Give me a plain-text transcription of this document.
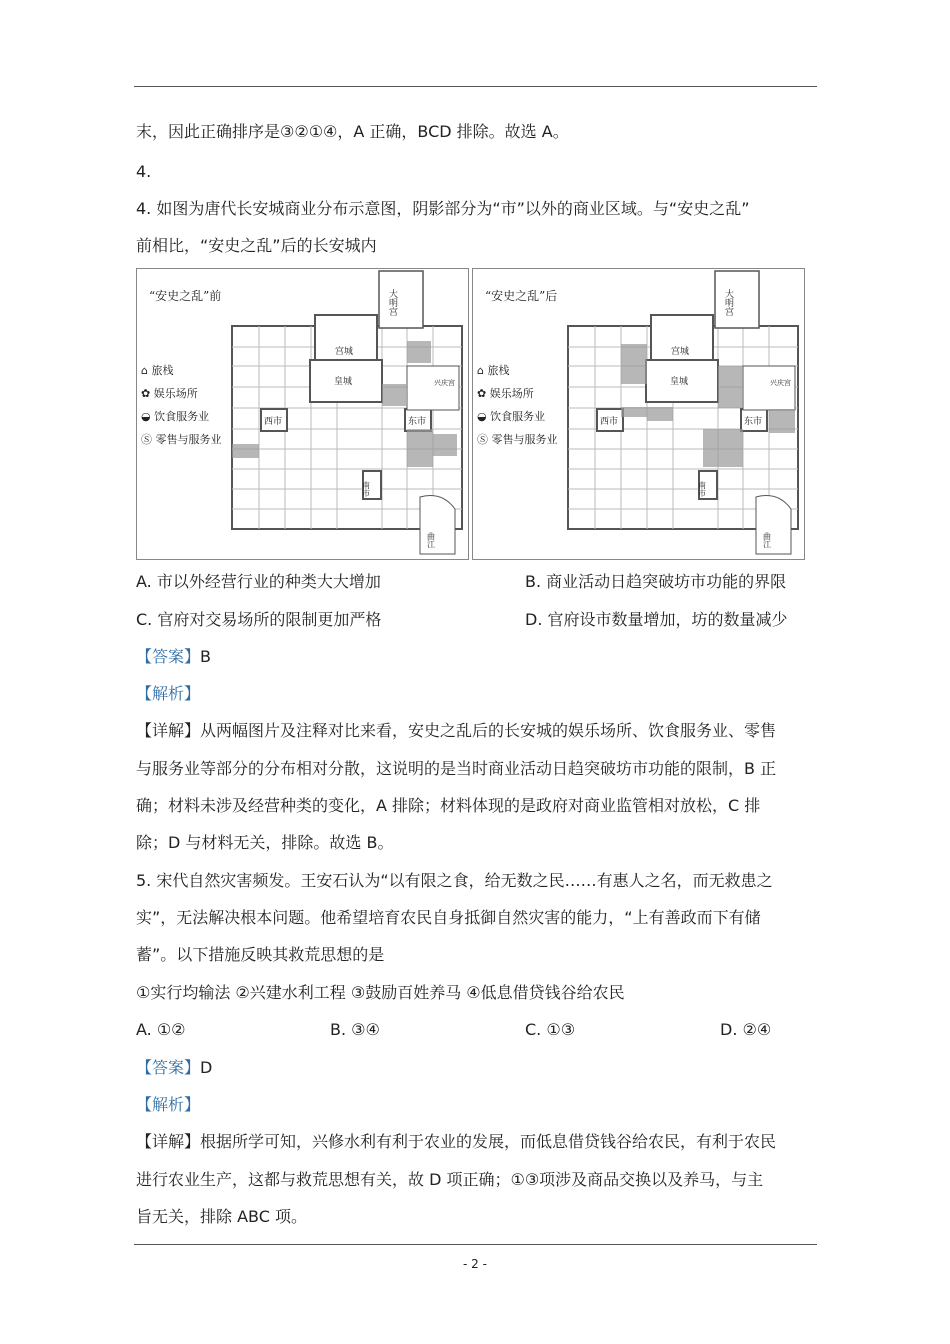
末，因此正确排序是③②①④，A 正确，BCD 排除。故选 A。
4.
4. 如图为唐代长安城商业分布示意图，阴影部分为“市”以外的商业区域。与“安史之乱”
前相比，“安史之乱”后的长安城内
“安史之乱”前
⌂ 旅栈
✿ 娱乐场所
◒ 饮食服务业
Ⓢ 零售与服务业
大明宫
宫城
皇城	兴庆宫
西市	东市
南市
曲江
“安史之乱”后
⌂ 旅栈
✿ 娱乐场所
◒ 饮食服务业
Ⓢ 零售与服务业
大明宫
宫城
皇城	兴庆宫
西市	东市
南市
曲江
A. 市以外经营行业的种类大大增加	B. 商业活动日趋突破坊市功能的界限
C. 官府对交易场所的限制更加严格	D. 官府设市数量增加，坊的数量减少
【答案】B
【解析】
【详解】从两幅图片及注释对比来看，安史之乱后的长安城的娱乐场所、饮食服务业、零售
与服务业等部分的分布相对分散，这说明的是当时商业活动日趋突破坊市功能的限制，B 正
确；材料未涉及经营种类的变化，A 排除；材料体现的是政府对商业监管相对放松，C 排
除；D 与材料无关，排除。故选 B。
5. 宋代自然灾害频发。王安石认为“以有限之食，给无数之民……有惠人之名，而无救患之
实”，无法解决根本问题。他希望培育农民自身抵御自然灾害的能力，“上有善政而下有储
蓄”。以下措施反映其救荒思想的是
①实行均输法 ②兴建水利工程 ③鼓励百姓养马 ④低息借贷钱谷给农民
A. ①②	B. ③④	C. ①③	D. ②④
【答案】D
【解析】
【详解】根据所学可知，兴修水利有利于农业的发展，而低息借贷钱谷给农民，有利于农民
进行农业生产，这都与救荒思想有关，故 D 项正确；①③项涉及商品交换以及养马，与主
旨无关，排除 ABC 项。
- 2 -
